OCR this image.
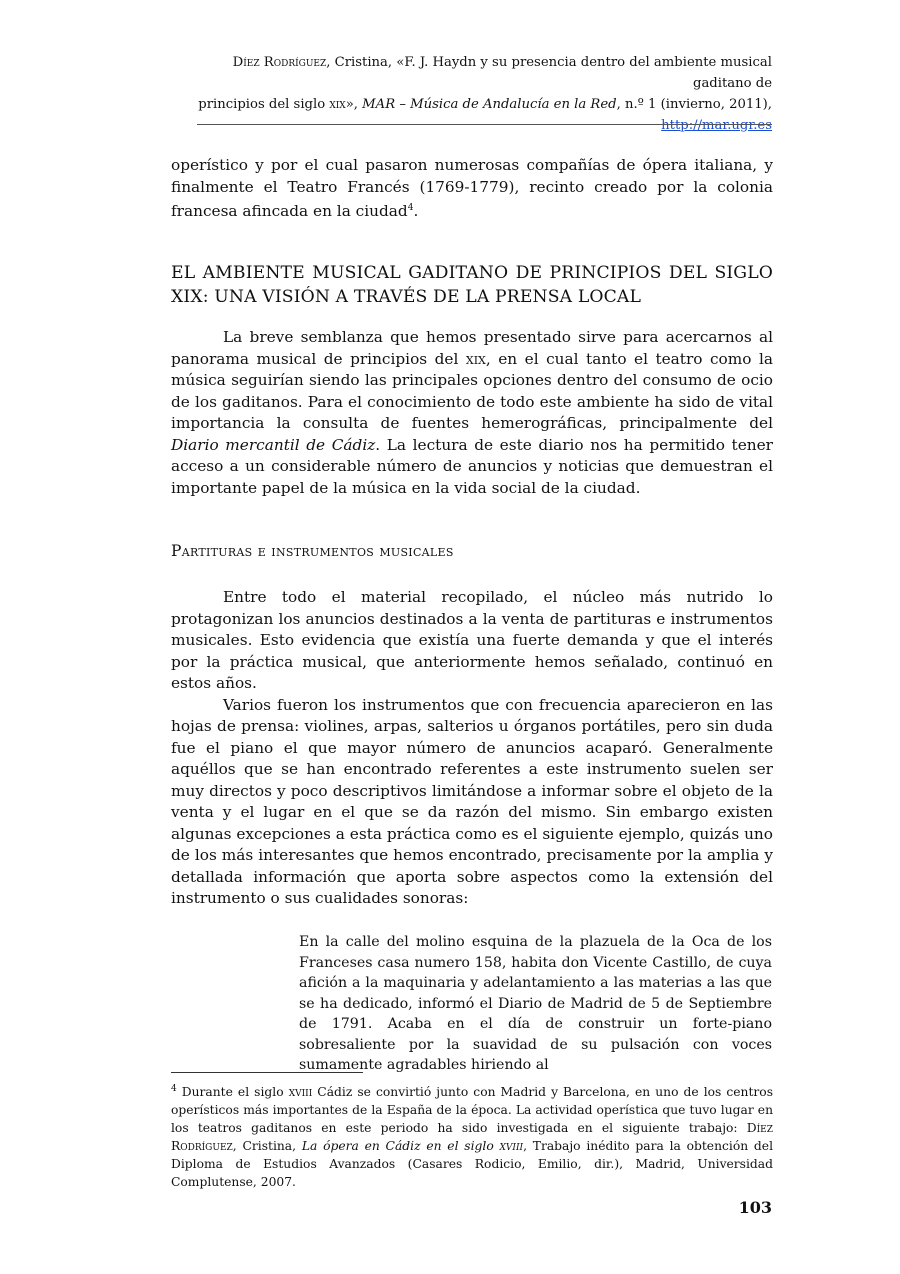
Díez Rodríguez, Cristina, «F. J. Haydn y su presencia dentro del ambiente musical gaditano de
principios del siglo xix», MAR – Música de Andalucía en la Red, n.º 1 (invierno, 2011),
http://mar.ugr.es
operístico y por el cual pasaron numerosas compañías de ópera italiana, y finalmente el Teatro Francés (1769-1779), recinto creado por la colonia francesa afincada en la ciudad$^4$.
EL AMBIENTE MUSICAL GADITANO DE PRINCIPIOS DEL SIGLO XIX: UNA VISIÓN A TRAVÉS DE LA PRENSA LOCAL
La breve semblanza que hemos presentado sirve para acercarnos al panorama musical de principios del xix, en el cual tanto el teatro como la música seguirían siendo las principales opciones dentro del consumo de ocio de los gaditanos. Para el conocimiento de todo este ambiente ha sido de vital importancia la consulta de fuentes hemerográficas, principalmente del Diario mercantil de Cádiz. La lectura de este diario nos ha permitido tener acceso a un considerable número de anuncios y noticias que demuestran el importante papel de la música en la vida social de la ciudad.
Partituras e instrumentos musicales

Entre todo el material recopilado, el núcleo más nutrido lo protagonizan los anuncios destinados a la venta de partituras e instrumentos musicales. Esto evidencia que existía una fuerte demanda y que el interés por la práctica musical, que anteriormente hemos señalado, continuó en estos años.

Varios fueron los instrumentos que con frecuencia aparecieron en las hojas de prensa: violines, arpas, salterios u órganos portátiles, pero sin duda fue el piano el que mayor número de anuncios acaparó. Generalmente aquéllos que se han encontrado referentes a este instrumento suelen ser muy directos y poco descriptivos limitándose a informar sobre el objeto de la venta y el lugar en el que se da razón del mismo. Sin embargo existen algunas excepciones a esta práctica como es el siguiente ejemplo, quizás uno de los más interesantes que hemos encontrado, precisamente por la amplia y detallada información que aporta sobre aspectos como la extensión del instrumento o sus cualidades sonoras:

En la calle del molino esquina de la plazuela de la Oca de los Franceses casa numero 158, habita don Vicente Castillo, de cuya afición a la maquinaria y adelantamiento a las materias a las que se ha dedicado, informó el Diario de Madrid de 5 de Septiembre de 1791. Acaba en el día de construir un forte-piano sobresaliente por la suavidad de su pulsación con voces sumamente agradables hiriendo al
$^4$ Durante el siglo xviii Cádiz se convirtió junto con Madrid y Barcelona, en uno de los centros operísticos más importantes de la España de la época. La actividad operística que tuvo lugar en los teatros gaditanos en este periodo ha sido investigada en el siguiente trabajo: Díez Rodríguez, Cristina, La ópera en Cádiz en el siglo xviii, Trabajo inédito para la obtención del Diploma de Estudios Avanzados (Casares Rodicio, Emilio, dir.), Madrid, Universidad Complutense, 2007.
103
